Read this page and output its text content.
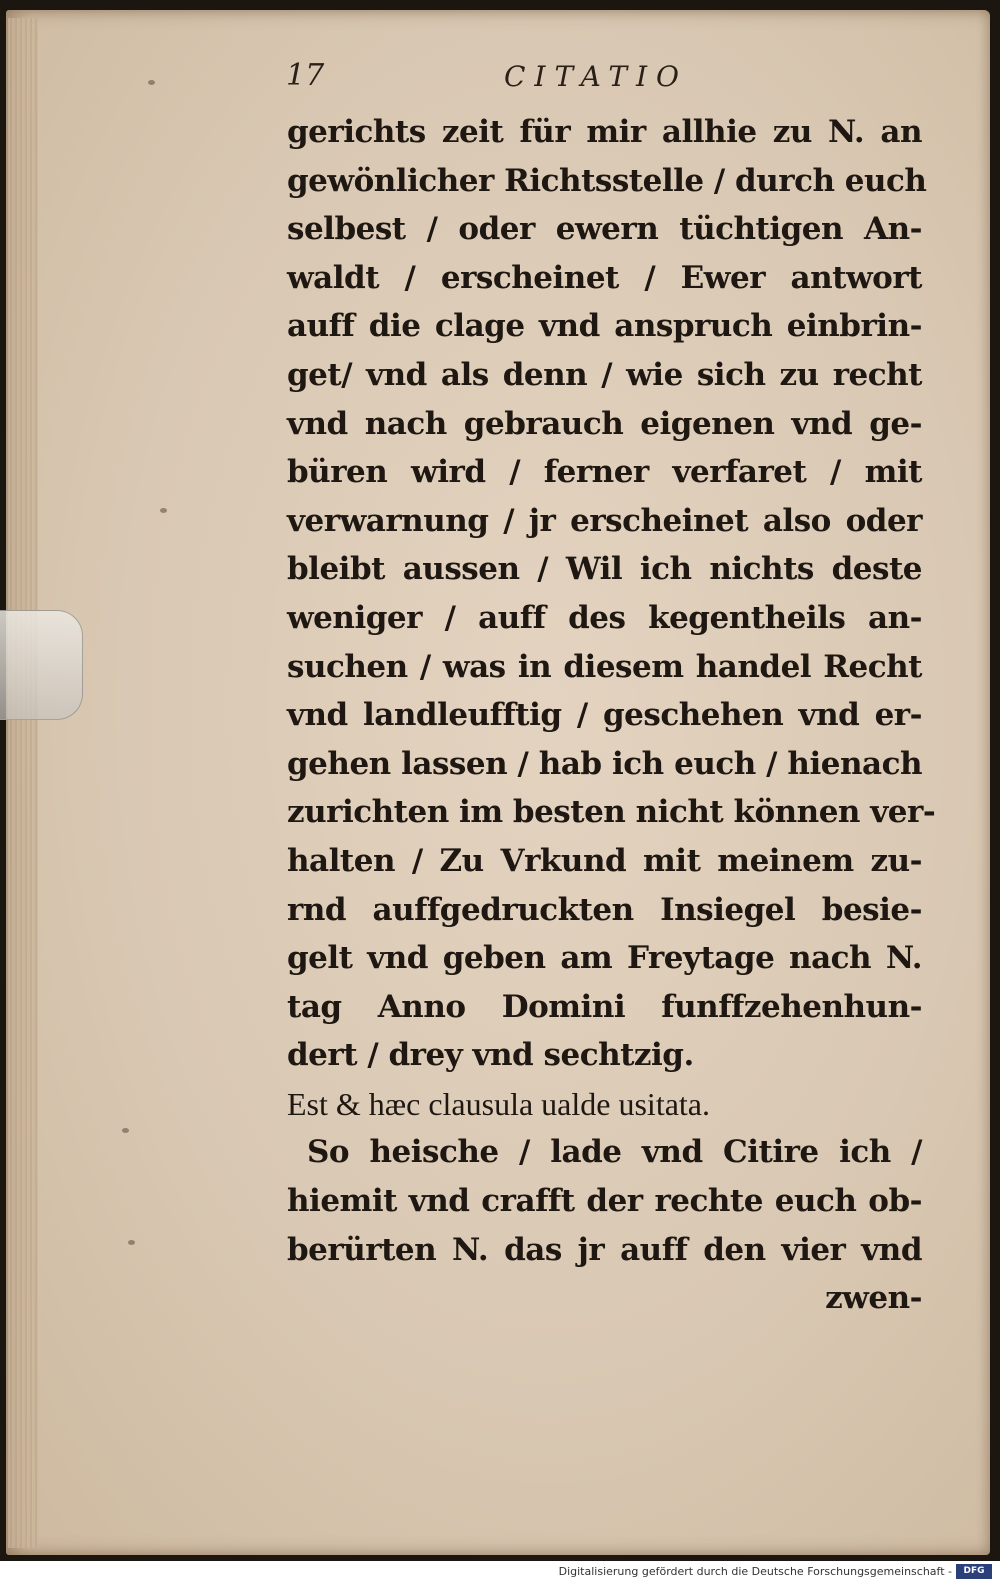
17	CITATIO
gerichts zeit für mir allhie zu N. an
gewönlicher Richtsstelle / durch euch
selbest / oder ewern tüchtigen An-
waldt / erscheinet / Ewer antwort
auff die clage vnd anspruch einbrin-
get/ vnd als denn / wie sich zu recht
vnd nach gebrauch eigenen vnd ge-
büren wird / ferner verfaret / mit
verwarnung / jr erscheinet also oder
bleibt aussen / Wil ich nichts deste
weniger / auff des kegentheils an-
suchen / was in diesem handel Recht
vnd landleufftig / geschehen vnd er-
gehen lassen / hab ich euch / hienach
zurichten im besten nicht können ver-
halten / Zu Vrkund mit meinem zu-
rnd auffgedruckten Insiegel besie-
gelt vnd geben am Freytage nach N.
tag Anno Domini funffzehenhun-
dert / drey vnd sechtzig.
Est & hæc clausula ualde usitata.
So heische / lade vnd Citire ich /
hiemit vnd crafft der rechte euch ob-
berürten N. das jr auff den vier vnd
zwen-
Digitalisierung gefördert durch die Deutsche Forschungsgemeinschaft -	DFG
